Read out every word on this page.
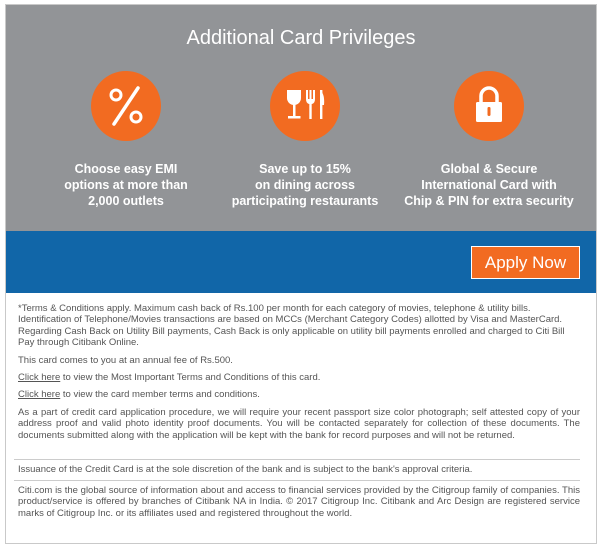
Additional Card Privileges
Choose easy EMI
options at more than
2,000 outlets
Save up to 15%
on dining across
participating restaurants
Global & Secure
International Card with
Chip & PIN for extra security
Apply Now

*Terms & Conditions apply. Maximum cash back of Rs.100 per month for each category of movies, telephone & utility bills. Identification of Telephone/Movies transactions are based on MCCs (Merchant Category Codes) allotted by Visa and MasterCard. Regarding Cash Back on Utility Bill payments, Cash Back is only applicable on utility bill payments enrolled and charged to Citi Bill Pay through Citibank Online.

This card comes to you at an annual fee of Rs.500.

Click here to view the Most Important Terms and Conditions of this card.

Click here to view the card member terms and conditions.

As a part of credit card application procedure, we will require your recent passport size color photograph; self attested copy of your address proof and valid photo identity proof documents. You will be contacted separately for collection of these documents. The documents submitted along with the application will be kept with the bank for record purposes and will not be returned.

Issuance of the Credit Card is at the sole discretion of the bank and is subject to the bank's approval criteria.

Citi.com is the global source of information about and access to financial services provided by the Citigroup family of companies. This product/service is offered by branches of Citibank NA in India. © 2017 Citigroup Inc. Citibank and Arc Design are registered service marks of Citigroup Inc. or its affiliates used and registered throughout the world.
